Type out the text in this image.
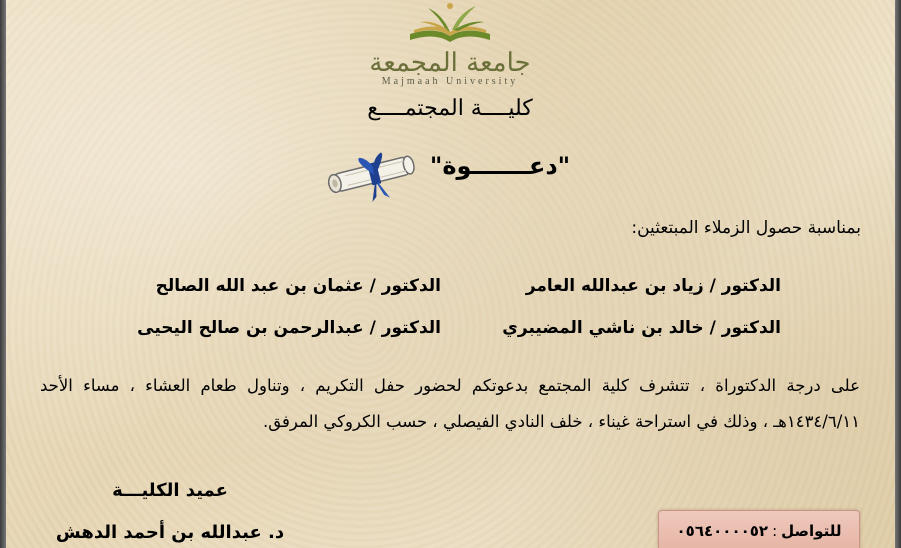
جامعة المجمعة
Majmaah University
كليــــة المجتمــــع
"دعـــــــوة"
بمناسبة حصول الزملاء المبتعثين:
الدكتور / زياد بن عبدالله العامر
الدكتور / عثمان بن عبد الله الصالح
الدكتور / خالد بن ناشي المضيبري
الدكتور / عبدالرحمن بن صالح اليحيى
على درجة الدكتوراة ، تتشرف كلية المجتمع بدعوتكم لحضور حفل التكريم ، وتناول طعام العشاء ، مساء الأحد ١٤٣٤/٦/١١هـ ، وذلك في استراحة غيناء ، خلف النادي الفيصلي ، حسب الكروكي المرفق.
عميد الكليـــة
د. عبدالله بن أحمد الدهش	للتواصل
:
٠٥٦٤٠٠٠٠٥٢
